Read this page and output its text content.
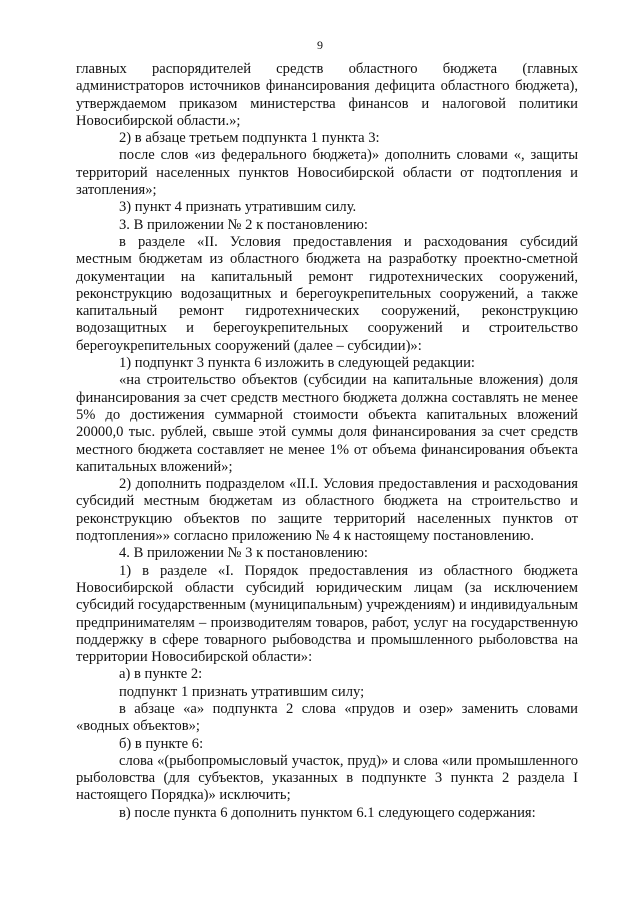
9

главных распорядителей средств областного бюджета (главных администраторов источников финансирования дефицита областного бюджета), утверждаемом приказом министерства финансов и налоговой политики Новосибирской области.»;

2) в абзаце третьем подпункта 1 пункта 3:

после слов «из федерального бюджета)» дополнить словами «, защиты территорий населенных пунктов Новосибирской области от подтопления и затопления»;

3) пункт 4 признать утратившим силу.

3. В приложении № 2 к постановлению:

в разделе «II. Условия предоставления и расходования субсидий местным бюджетам из областного бюджета на разработку проектно-сметной документации на капитальный ремонт гидротехнических сооружений, реконструкцию водозащитных и берегоукрепительных сооружений, а также капитальный ремонт гидротехнических сооружений, реконструкцию водозащитных и берегоукрепительных сооружений и строительство берегоукрепительных сооружений (далее – субсидии)»:

1) подпункт 3 пункта 6 изложить в следующей редакции:

«на строительство объектов (субсидии на капитальные вложения) доля финансирования за счет средств местного бюджета должна составлять не менее 5% до достижения суммарной стоимости объекта капитальных вложений 20000,0 тыс. рублей, свыше этой суммы доля финансирования за счет средств местного бюджета составляет не менее 1% от объема финансирования объекта капитальных вложений»;

2) дополнить подразделом «II.I. Условия предоставления и расходования субсидий местным бюджетам из областного бюджета на строительство и реконструкцию объектов по защите территорий населенных пунктов от подтопления»» согласно приложению № 4 к настоящему постановлению.

4. В приложении № 3 к постановлению:

1) в разделе «I. Порядок предоставления из областного бюджета Новосибирской области субсидий юридическим лицам (за исключением субсидий государственным (муниципальным) учреждениям) и индивидуальным предпринимателям – производителям товаров, работ, услуг на государственную поддержку в сфере товарного рыбоводства и промышленного рыболовства на территории Новосибирской области»:

а) в пункте 2:

подпункт 1 признать утратившим силу;

в абзаце «а» подпункта 2 слова «прудов и озер» заменить словами «водных объектов»;

б) в пункте 6:

слова «(рыбопромысловый участок, пруд)» и слова «или промышленного рыболовства (для субъектов, указанных в подпункте 3 пункта 2 раздела I настоящего Порядка)» исключить;

в) после пункта 6 дополнить пунктом 6.1 следующего содержания:
